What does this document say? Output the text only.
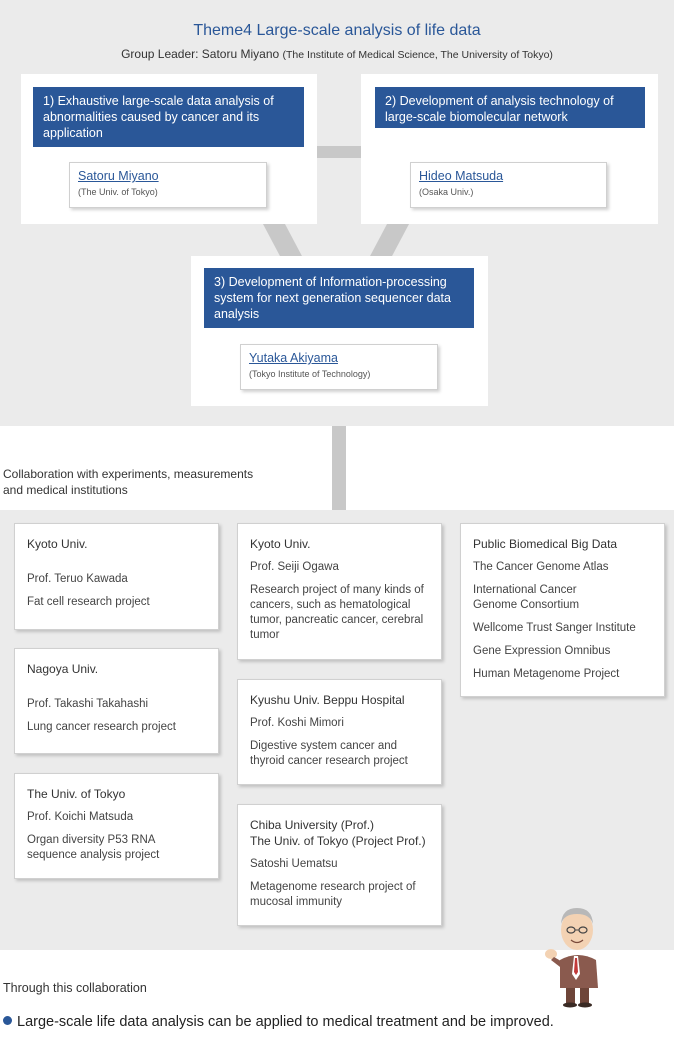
Theme4 Large-scale analysis of life data
Group Leader: Satoru Miyano (The Institute of Medical Science, The University of Tokyo)
1) Exhaustive large-scale data analysis of abnormalities caused by cancer and its application
Satoru Miyano
(The Univ. of Tokyo)
2) Development of analysis technology of large-scale biomolecular network
Hideo Matsuda
(Osaka Univ.)
3) Development of Information-processing system for next generation sequencer data analysis
Yutaka Akiyama
(Tokyo Institute of Technology)
Collaboration with experiments, measurements and medical institutions
Kyoto Univ.

Prof. Teruo Kawada

Fat cell research project

Nagoya Univ.

Prof. Takashi Takahashi

Lung cancer research project

The Univ. of Tokyo

Prof. Koichi Matsuda

Organ diversity P53 RNA sequence analysis project

Kyoto Univ.

Prof. Seiji Ogawa

Research project of many kinds of cancers, such as hematological tumor, pancreatic cancer, cerebral tumor

Kyushu Univ. Beppu Hospital

Prof. Koshi Mimori

Digestive system cancer and thyroid cancer research project

Chiba University (Prof.)
The Univ. of Tokyo (Project Prof.)

Satoshi Uematsu

Metagenome research project of mucosal immunity

Public Biomedical Big Data

The Cancer Genome Atlas

International Cancer Genome Consortium

Wellcome Trust Sanger Institute

Gene Expression Omnibus

Human Metagenome Project

Through this collaboration
Large-scale life data analysis can be applied to medical treatment and be improved.
